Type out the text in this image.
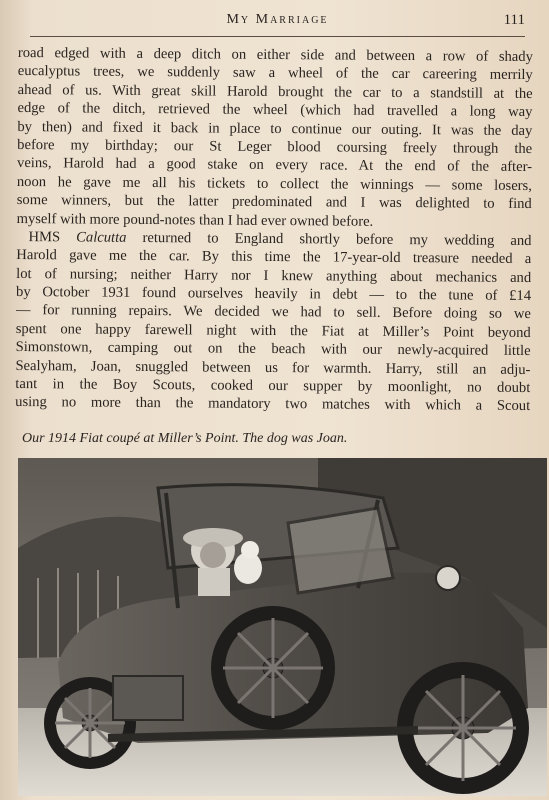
My Marriage	111

road edged with a deep ditch on either side and between a row of shady
eucalyptus trees, we suddenly saw a wheel of the car careering merrily
ahead of us. With great skill Harold brought the car to a standstill at the
edge of the ditch, retrieved the wheel (which had travelled a long way
by then) and fixed it back in place to continue our outing. It was the day
before my birthday; our St Leger blood coursing freely through the
veins, Harold had a good stake on every race. At the end of the after-
noon he gave me all his tickets to collect the winnings — some losers,
some winners, but the latter predominated and I was delighted to find
myself with more pound-notes than I had ever owned before.

HMS Calcutta returned to England shortly before my wedding and
Harold gave me the car. By this time the 17-year-old treasure needed a
lot of nursing; neither Harry nor I knew anything about mechanics and
by October 1931 found ourselves heavily in debt — to the tune of £14
— for running repairs. We decided we had to sell. Before doing so we
spent one happy farewell night with the Fiat at Miller’s Point beyond
Simonstown, camping out on the beach with our newly-acquired little
Sealyham, Joan, snuggled between us for warmth. Harry, still an adju-
tant in the Boy Scouts, cooked our supper by moonlight, no doubt
using no more than the mandatory two matches with which a Scout

Our 1914 Fiat coupé at Miller’s Point. The dog was Joan.
